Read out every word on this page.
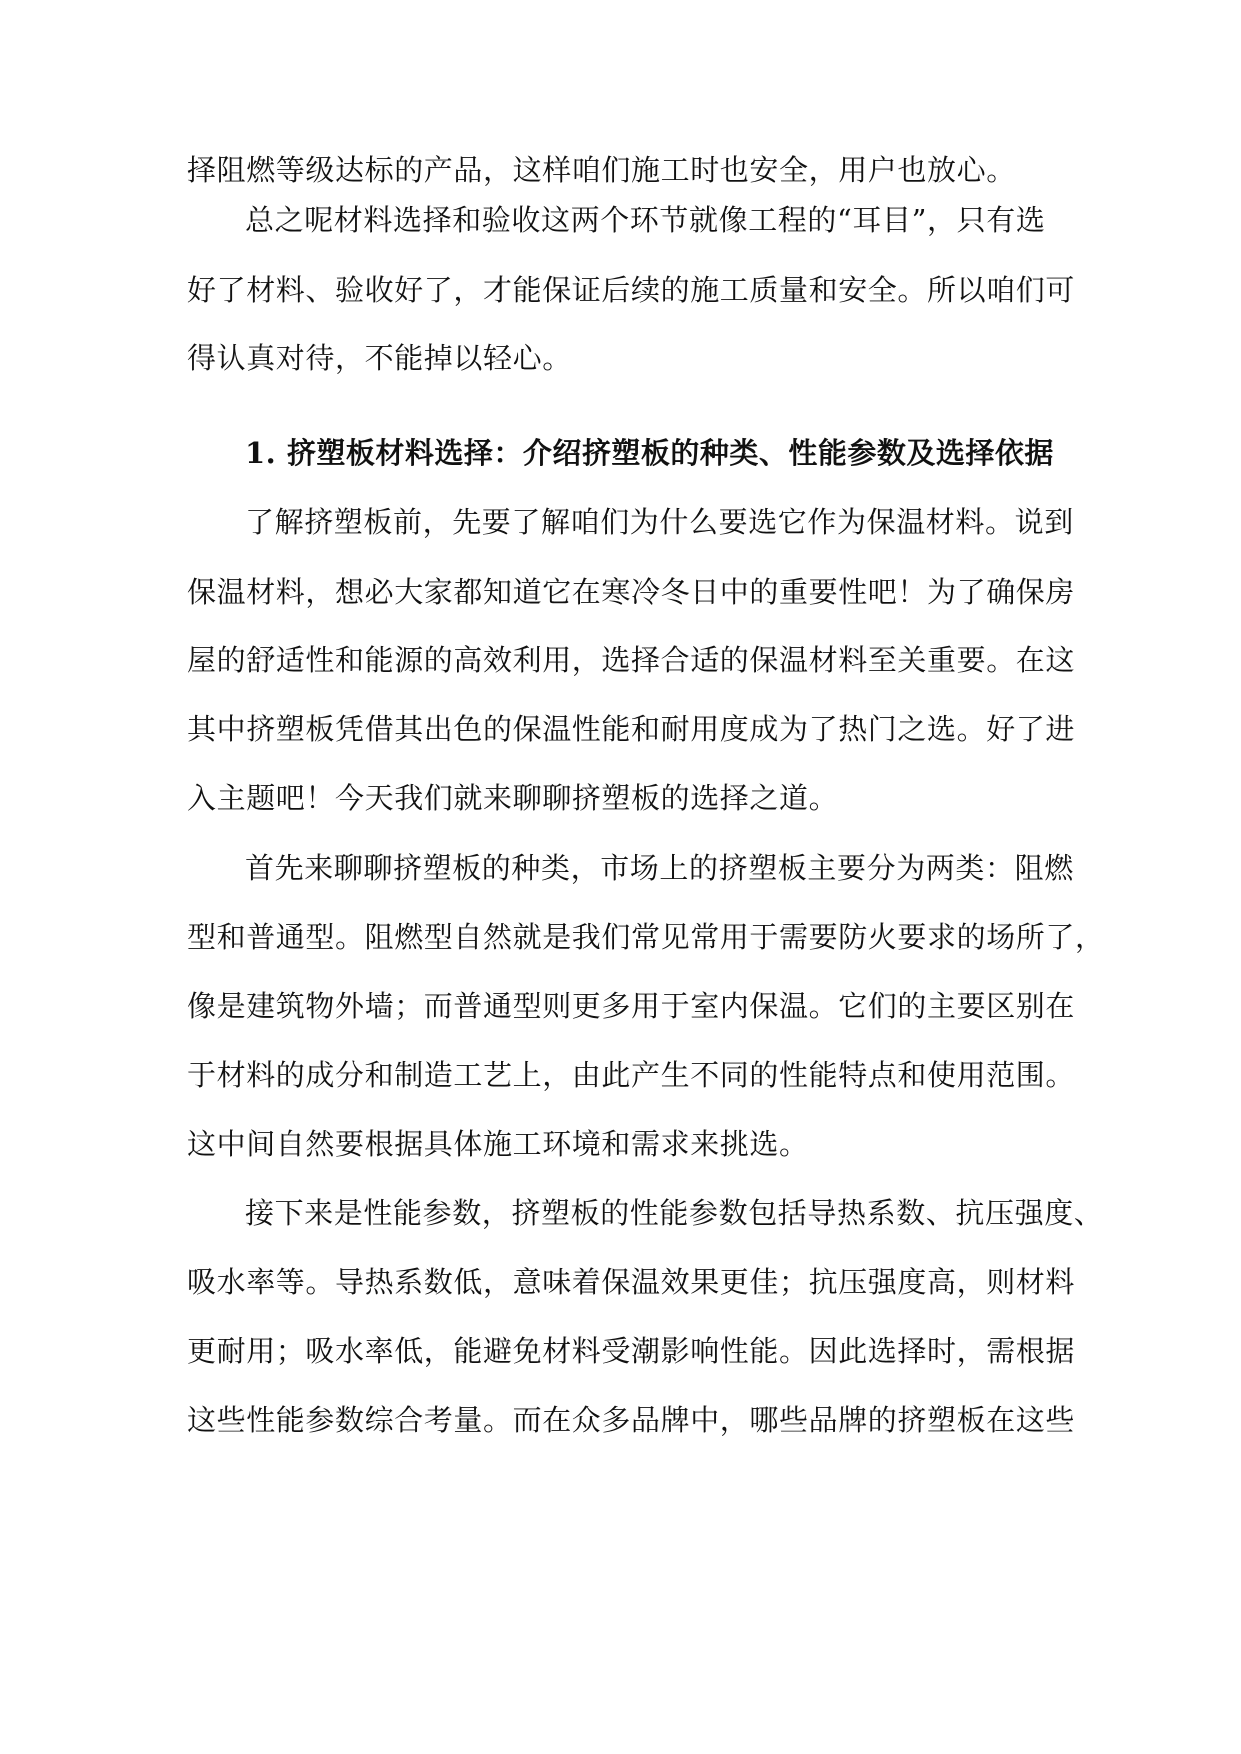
择阻燃等级达标的产品，这样咱们施工时也安全，用户也放心。
总之呢材料选择和验收这两个环节就像工程的“耳目”，只有选
好了材料、验收好了，才能保证后续的施工质量和安全。所以咱们可
得认真对待，不能掉以轻心。
1. 挤塑板材料选择：介绍挤塑板的种类、性能参数及选择依据
了解挤塑板前，先要了解咱们为什么要选它作为保温材料。说到
保温材料，想必大家都知道它在寒冷冬日中的重要性吧！为了确保房
屋的舒适性和能源的高效利用，选择合适的保温材料至关重要。在这
其中挤塑板凭借其出色的保温性能和耐用度成为了热门之选。好了进
入主题吧！今天我们就来聊聊挤塑板的选择之道。
首先来聊聊挤塑板的种类，市场上的挤塑板主要分为两类：阻燃
型和普通型。阻燃型自然就是我们常见常用于需要防火要求的场所了，
像是建筑物外墙；而普通型则更多用于室内保温。它们的主要区别在
于材料的成分和制造工艺上，由此产生不同的性能特点和使用范围。
这中间自然要根据具体施工环境和需求来挑选。
接下来是性能参数，挤塑板的性能参数包括导热系数、抗压强度、
吸水率等。导热系数低，意味着保温效果更佳；抗压强度高，则材料
更耐用；吸水率低，能避免材料受潮影响性能。因此选择时，需根据
这些性能参数综合考量。而在众多品牌中，哪些品牌的挤塑板在这些
